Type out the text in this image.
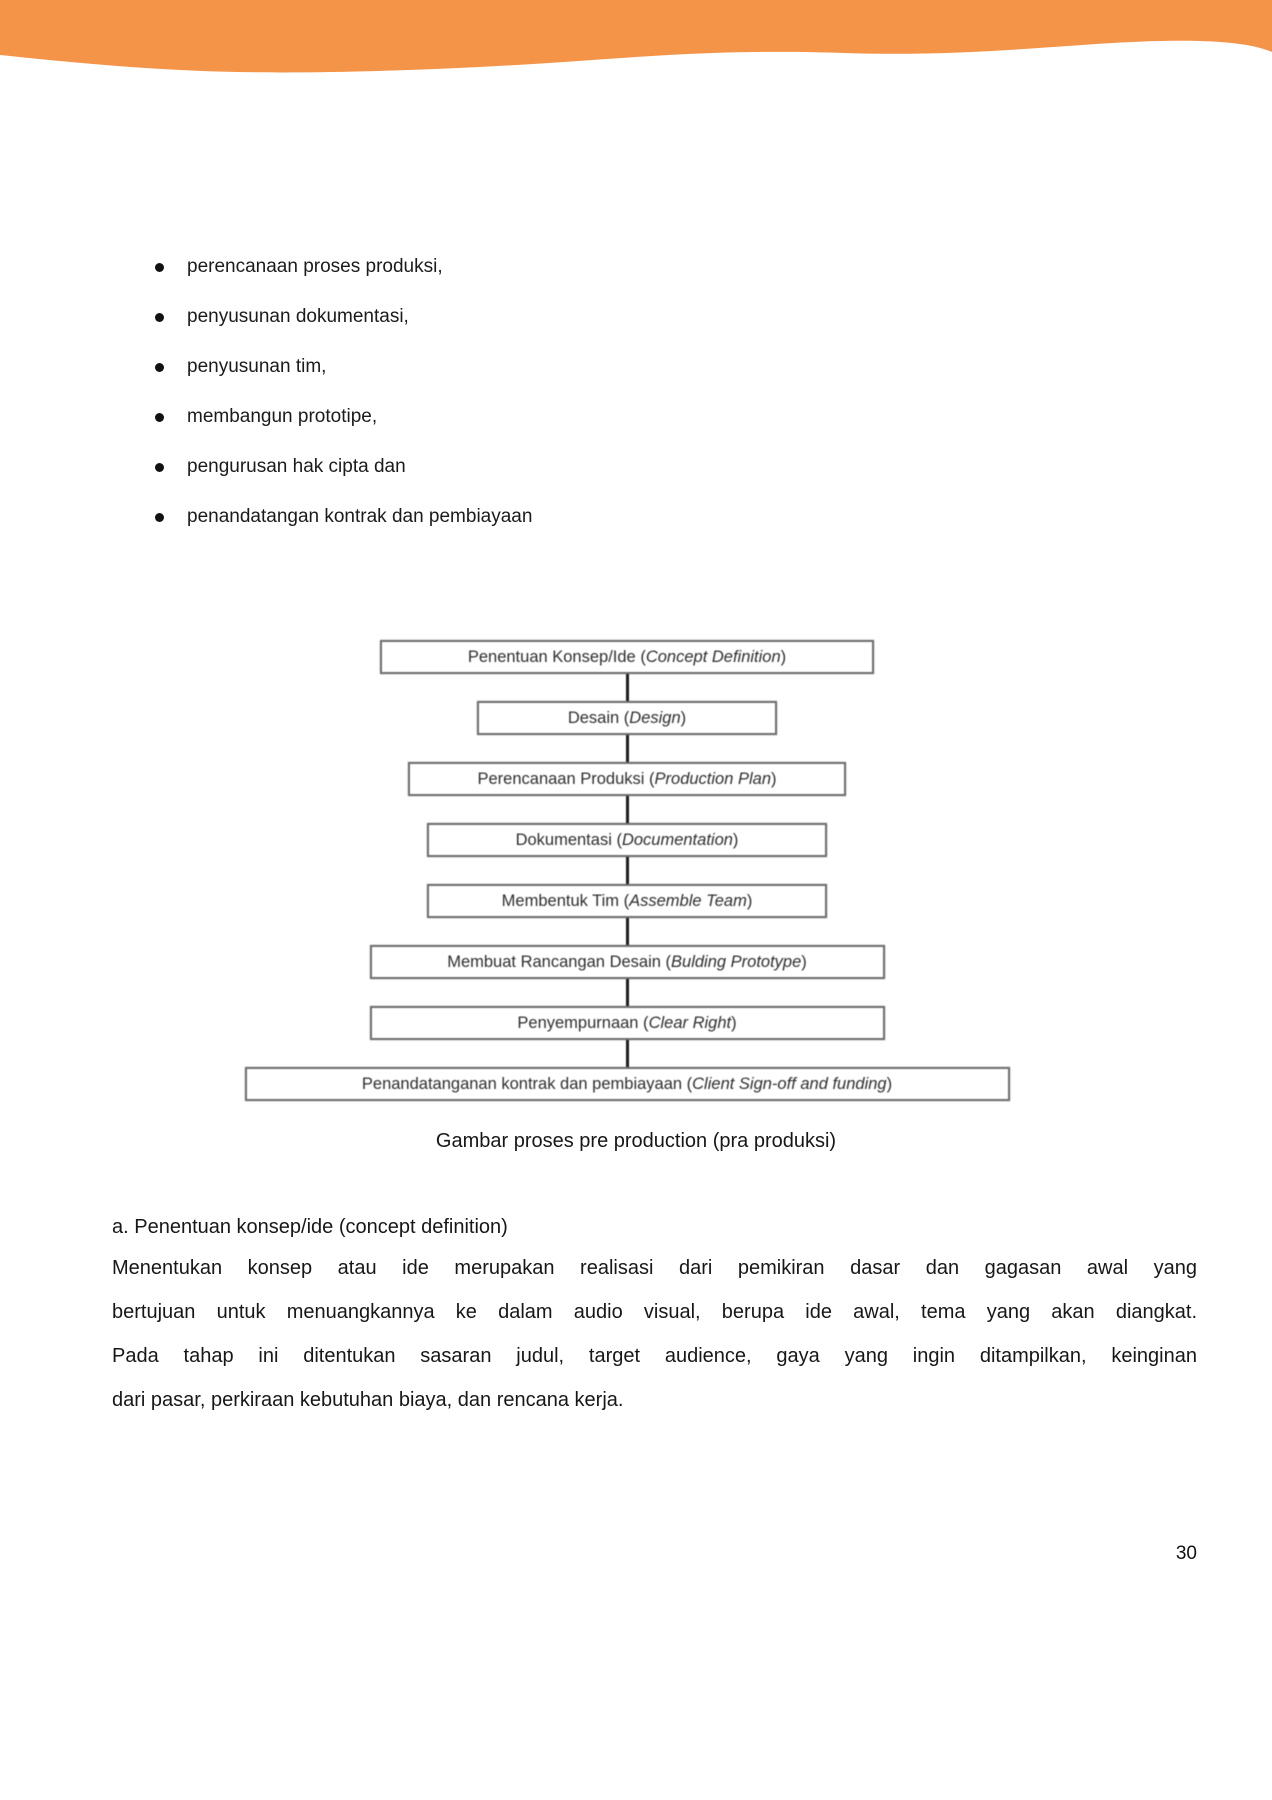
perencanaan proses produksi,
penyusunan dokumentasi,
penyusunan tim,
membangun prototipe,
pengurusan hak cipta dan
penandatangan kontrak dan pembiayaan
Penentuan Konsep/Ide ( Concept Definition )
Desain ( Design )
Perencanaan Produksi ( Production Plan )
Dokumentasi ( Documentation )
Membentuk Tim ( Assemble Team )
Membuat Rancangan Desain ( Bulding Prototype )
Penyempurnaan ( Clear Right )
Penandatanganan kontrak dan pembiayaan ( Client Sign-off and funding )
Gambar proses pre production (pra produksi)
a. Penentuan konsep/ide (concept definition)
Menentukan konsep atau ide merupakan realisasi dari pemikiran dasar dan gagasan awal yang
bertujuan untuk menuangkannya ke dalam audio visual, berupa ide awal, tema yang akan diangkat.
Pada tahap ini ditentukan sasaran judul, target audience, gaya yang ingin ditampilkan, keinginan
dari pasar, perkiraan kebutuhan biaya, dan rencana kerja.
30
